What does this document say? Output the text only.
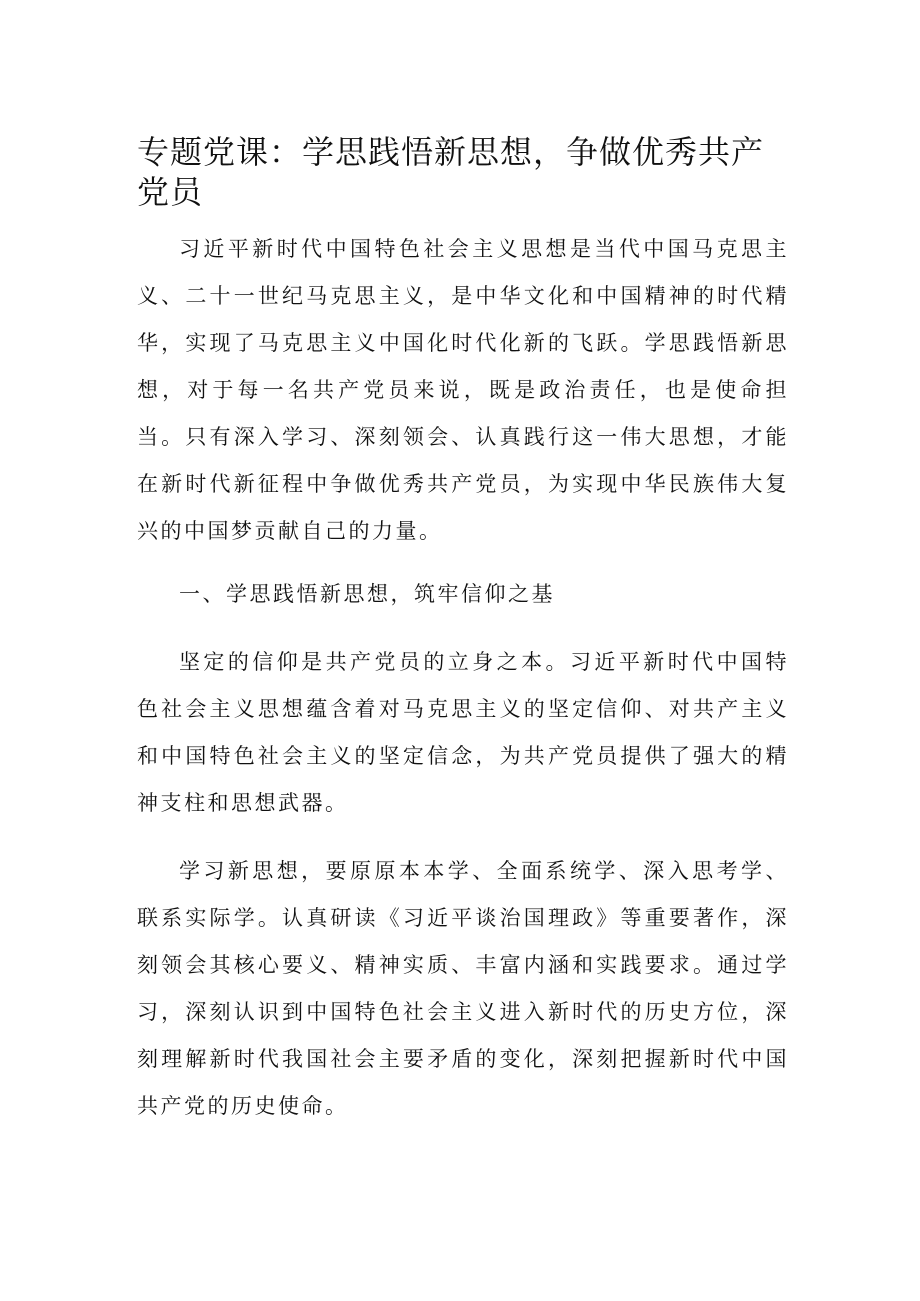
专题党课：学思践悟新思想，争做优秀共产党员

习近平新时代中国特色社会主义思想是当代中国马克思主义、二十一世纪马克思主义，是中华文化和中国精神的时代精华，实现了马克思主义中国化时代化新的飞跃。学思践悟新思想，对于每一名共产党员来说，既是政治责任，也是使命担当。只有深入学习、深刻领会、认真践行这一伟大思想，才能在新时代新征程中争做优秀共产党员，为实现中华民族伟大复兴的中国梦贡献自己的力量。

一、学思践悟新思想，筑牢信仰之基

坚定的信仰是共产党员的立身之本。习近平新时代中国特色社会主义思想蕴含着对马克思主义的坚定信仰、对共产主义和中国特色社会主义的坚定信念，为共产党员提供了强大的精神支柱和思想武器。

学习新思想，要原原本本学、全面系统学、深入思考学、联系实际学。认真研读《习近平谈治国理政》等重要著作，深刻领会其核心要义、精神实质、丰富内涵和实践要求。通过学习，深刻认识到中国特色社会主义进入新时代的历史方位，深刻理解新时代我国社会主要矛盾的变化，深刻把握新时代中国共产党的历史使命。
